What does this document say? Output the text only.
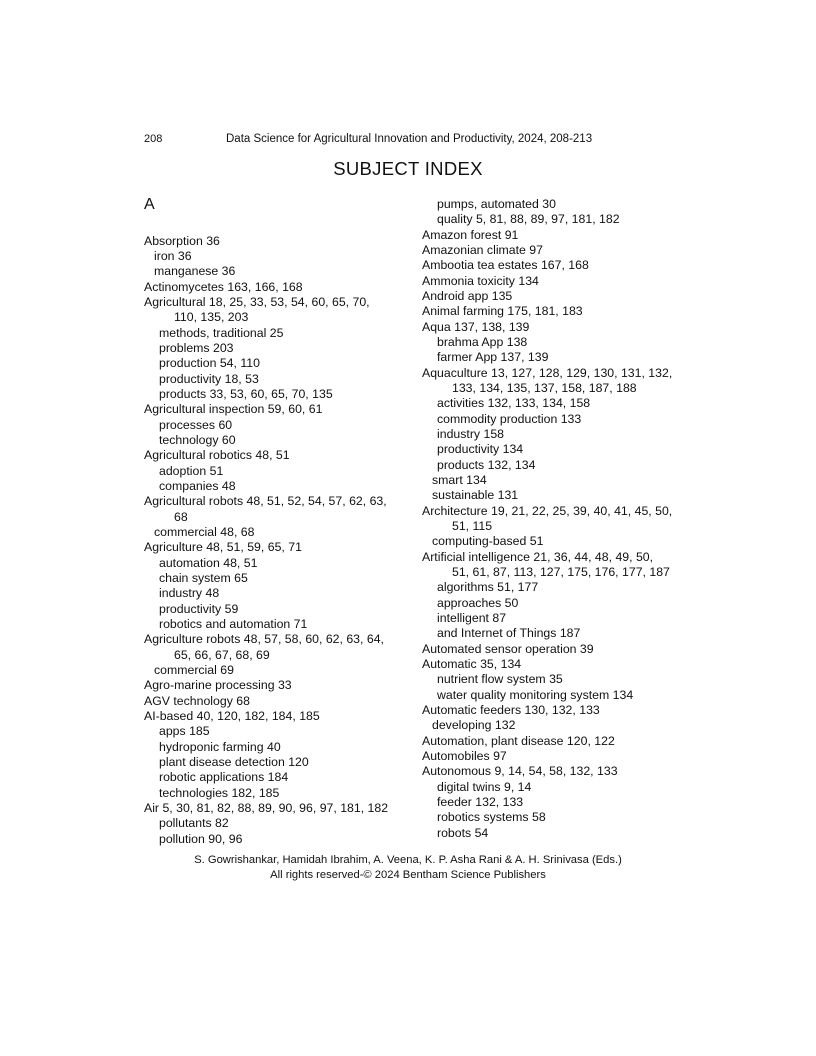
208	Data Science for Agricultural Innovation and Productivity, 2024, 208-213
SUBJECT INDEX
A
Absorption 36
iron 36
manganese 36
Actinomycetes 163, 166, 168
Agricultural 18, 25, 33, 53, 54, 60, 65, 70,
110, 135, 203
methods, traditional 25
problems 203
production 54, 110
productivity 18, 53
products 33, 53, 60, 65, 70, 135
Agricultural inspection 59, 60, 61
processes 60
technology 60
Agricultural robotics 48, 51
adoption 51
companies 48
Agricultural robots 48, 51, 52, 54, 57, 62, 63,
68
commercial 48, 68
Agriculture 48, 51, 59, 65, 71
automation 48, 51
chain system 65
industry 48
productivity 59
robotics and automation 71
Agriculture robots 48, 57, 58, 60, 62, 63, 64,
65, 66, 67, 68, 69
commercial 69
Agro-marine processing 33
AGV technology 68
AI-based 40, 120, 182, 184, 185
apps 185
hydroponic farming 40
plant disease detection 120
robotic applications 184
technologies 182, 185
Air 5, 30, 81, 82, 88, 89, 90, 96, 97, 181, 182
pollutants 82
pollution 90, 96
pumps, automated 30
quality 5, 81, 88, 89, 97, 181, 182
Amazon forest 91
Amazonian climate 97
Ambootia tea estates 167, 168
Ammonia toxicity 134
Android app 135
Animal farming 175, 181, 183
Aqua 137, 138, 139
brahma App 138
farmer App 137, 139
Aquaculture 13, 127, 128, 129, 130, 131, 132,
133, 134, 135, 137, 158, 187, 188
activities 132, 133, 134, 158
commodity production 133
industry 158
productivity 134
products 132, 134
smart 134
sustainable 131
Architecture 19, 21, 22, 25, 39, 40, 41, 45, 50,
51, 115
computing-based 51
Artificial intelligence 21, 36, 44, 48, 49, 50,
51, 61, 87, 113, 127, 175, 176, 177, 187
algorithms 51, 177
approaches 50
intelligent 87
and Internet of Things 187
Automated sensor operation 39
Automatic 35, 134
nutrient flow system 35
water quality monitoring system 134
Automatic feeders 130, 132, 133
developing 132
Automation, plant disease 120, 122
Automobiles 97
Autonomous 9, 14, 54, 58, 132, 133
digital twins 9, 14
feeder 132, 133
robotics systems 58
robots 54
S. Gowrishankar, Hamidah Ibrahim, A. Veena, K. P. Asha Rani & A. H. Srinivasa (Eds.)
All rights reserved-© 2024 Bentham Science Publishers
